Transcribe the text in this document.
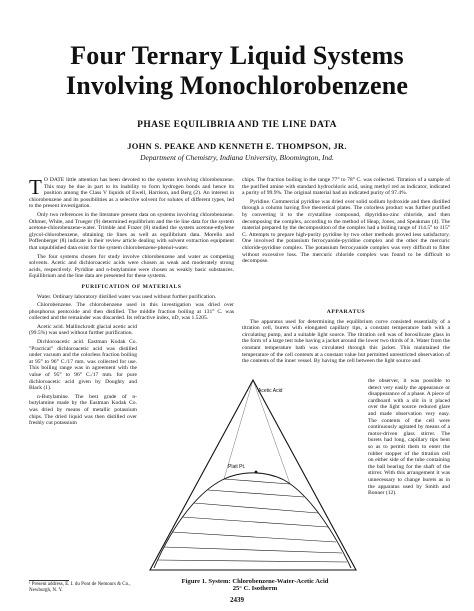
Four Ternary Liquid Systems
Involving Monochlorobenzene
PHASE EQUILIBRIA AND TIE LINE DATA
JOHN S. PEAKE AND KENNETH E. THOMPSON, JR.
Department of Chemistry, Indiana University, Bloomington, Ind.

T O DATE little attention has been devoted to the systems involving chlorobenzene. This may be due in part to its inability to form hydrogen bonds and hence its position among the Class V liquids of Ewell, Harrison, and Berg (2). An interest in chlorobenzene and its possibilities as a selective solvent for solutes of different types, led to the present investigation.

Only two references in the literature present data on systems involving chlorobenzene. Othmer, White, and Trueger (9) determined equilibrium and the tie line data for the system acetone-chlorobenzene-water. Trimble and Frazer (8) studied the system acetone-ethylene glycol-chlorobenzene, obtaining tie lines as well as equilibrium data. Morello and Poffenberger (8) indicate in their review article dealing with solvent extraction equipment that unpublished data exist for the system chlorobenzene-phenol-water.

The four systems chosen for study involve chlorobenzene and water as competing solvents. Acetic and dichloroacetic acids were chosen as weak and moderately strong acids, respectively. Pyridine and n-butylamine were chosen as weakly basic substances. Equilibrium and the line data are presented for these systems.

PURIFICATION OF MATERIALS

Water. Ordinary laboratory distilled water was used without further purification.

Chlorobenzene. The chlorobenzene used in this investigation was dried over phosphorus pentoxide and then distilled. The middle fraction boiling at 131° C. was collected and the remainder was discarded. Its refractive index, nD, was 1.5205.

Acetic acid. Mallinckrodt glacial acetic acid (99.5%) was used without further purification.

Dichloroacetic acid. Eastman Kodak Co. "Practical" dichloroacetic acid was distilled under vacuum and the colorless fraction boiling at 95° to 96° C./17 mm. was collected for use. This boiling range was in agreement with the value of 95° to 96° C./17 mm. for pure dichloroacetic acid given by Doughty and Black (1).

n-Butylamine. The best grade of n-butylamine made by the Eastman Kodak Co. was dried by means of metallic potassium chips. The dried liquid was then distilled over freshly cut potassium

¹ Present address, E. I. du Pont de Nemours & Co., Newburgh, N. Y.

chips. The fraction boiling in the range 77° to 78° C. was collected. Titration of a sample of the purified amine with standard hydrochloric acid, using methyl red as indicator, indicated a purity of 99.9%. The original material had an indicated purity of 97.4%.

Pyridine. Commercial pyridine was dried over solid sodium hydroxide and then distilled through a column having five theoretical plates. The colorless product was further purified by converting it to the crystalline compound, dipyridino-zinc chloride, and then decomposing the complex, according to the method of Heap, Jones, and Speakman (4). The material prepared by the decomposition of the complex had a boiling range of 114.5° to 115° C. Attempts to prepare high-purity pyridine by two other methods proved less satisfactory. One involved the potassium ferrocyanide-pyridine complex and the other the mercuric chloride-pyridine complex. The potassium ferrocyanide complex was very difficult to filter without excessive loss. The mercuric chloride complex was found to be difficult to decompose.

APPARATUS

The apparatus used for determining the equilibrium curve consisted essentially of a titration cell, burets with elongated capillary tips, a constant temperature bath with a circulating pump, and a suitable light source. The titration cell was of borosilicate glass in the form of a large test tube having a jacket around the lower two thirds of it. Water from the constant temperature bath was circulated through this jacket. This maintained the temperature of the cell contents at a constant value but permitted unrestricted observation of the contents of the inner vessel. By having the cell between the light source and

the observer, it was possible to detect very easily the appearance or disappearance of a phase. A piece of cardboard with a slit in it placed over the light source reduced glare and made observation very easy. The contents of the cell were continuously agitated by means of a motor-driven glass stirrer. The burets had long, capillary tips bent so as to permit them to enter the rubber stopper of the titration cell on either side of the tube containing the ball bearing for the shaft of the stirrer. With this arrangement it was unnecessary to change burets as in the apparatus used by Smith and Bonner (12).
Acetic Acid
Plait Pt.
Figure 1. System: Chlorobenzene-Water-Acetic Acid
25° C. Isotherm
2439
